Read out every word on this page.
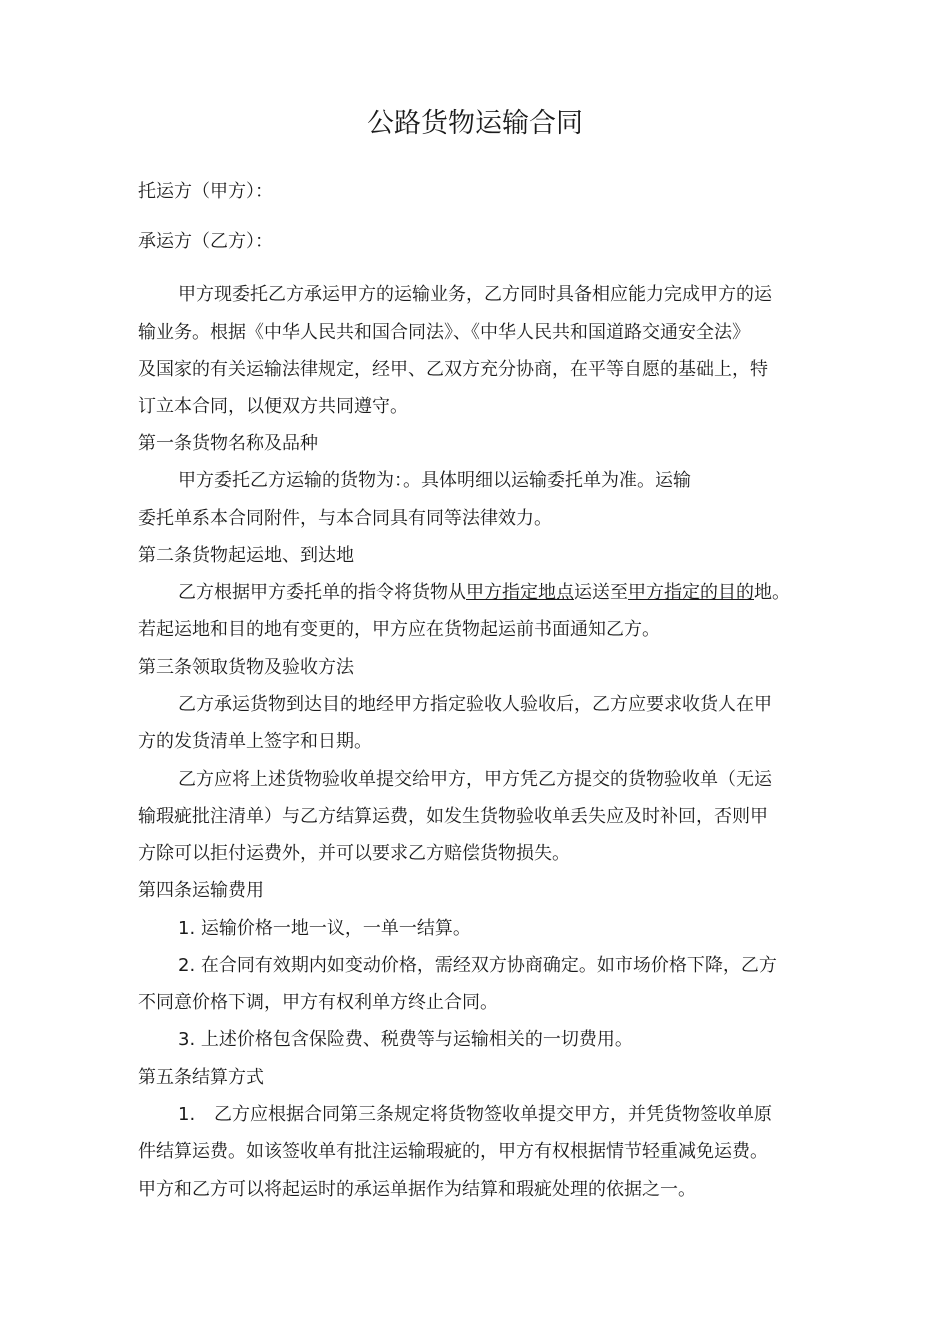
公路货物运输合同
托运方（甲方）：
承运方（乙方）：
甲方现委托乙方承运甲方的运输业务，乙方同时具备相应能力完成甲方的运
输业务。根据《中华人民共和国合同法》、《中华人民共和国道路交通安全法》
及国家的有关运输法律规定，经甲、乙双方充分协商，在平等自愿的基础上，特
订立本合同，以便双方共同遵守。
第一条货物名称及品种
甲方委托乙方运输的货物为：。具体明细以运输委托单为准。运输
委托单系本合同附件，与本合同具有同等法律效力。
第二条货物起运地、到达地
乙方根据甲方委托单的指令将货物从甲方指定地点运送至甲方指定的目的地。
若起运地和目的地有变更的，甲方应在货物起运前书面通知乙方。
第三条领取货物及验收方法
乙方承运货物到达目的地经甲方指定验收人验收后，乙方应要求收货人在甲
方的发货清单上签字和日期。
乙方应将上述货物验收单提交给甲方，甲方凭乙方提交的货物验收单（无运
输瑕疵批注清单）与乙方结算运费，如发生货物验收单丢失应及时补回，否则甲
方除可以拒付运费外，并可以要求乙方赔偿货物损失。
第四条运输费用
1. 运输价格一地一议，一单一结算。
2. 在合同有效期内如变动价格，需经双方协商确定。如市场价格下降，乙方
不同意价格下调，甲方有权利单方终止合同。
3. 上述价格包含保险费、税费等与运输相关的一切费用。
第五条结算方式
1. 乙方应根据合同第三条规定将货物签收单提交甲方，并凭货物签收单原
件结算运费。如该签收单有批注运输瑕疵的，甲方有权根据情节轻重减免运费。
甲方和乙方可以将起运时的承运单据作为结算和瑕疵处理的依据之一。
